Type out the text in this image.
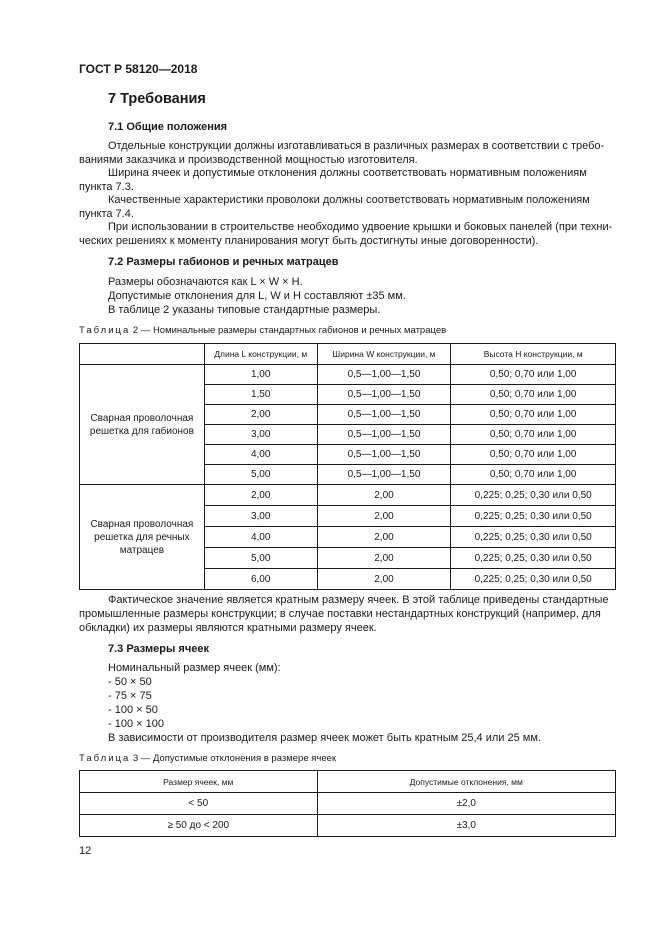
ГОСТ Р 58120—2018
7 Требования
7.1 Общие положения
Отдельные конструкции должны изготавливаться в различных размерах в соответствии с требо-
ваниями заказчика и производственной мощностью изготовителя.
Ширина ячеек и допустимые отклонения должны соответствовать нормативным положениям
пункта 7.3.
Качественные характеристики проволоки должны соответствовать нормативным положениям
пункта 7.4.
При использовании в строительстве необходимо удвоение крышки и боковых панелей (при техни-
ческих решениях к моменту планирования могут быть достигнуты иные договоренности).
7.2 Размеры габионов и речных матрацев
Размеры обозначаются как L × W × H.
Допустимые отклонения для L, W и H составляют ±35 мм.
В таблице 2 указаны типовые стандартные размеры.
Таблица 2 — Номинальные размеры стандартных габионов и речных матрацев
	Длина L конструкции, м	Ширина W конструкции, м	Высота H конструкции, м
Сварная проволочная решетка для габионов	1,00	0,5—1,00—1,50	0,50; 0,70 или 1,00
	1,50	0,5—1,00—1,50	0,50; 0,70 или 1,00
	2,00	0,5—1,00—1,50	0,50; 0,70 или 1,00
	3,00	0,5—1,00—1,50	0,50; 0,70 или 1,00
	4,00	0,5—1,00—1,50	0,50; 0,70 или 1,00
	5,00	0,5—1,00—1,50	0,50; 0,70 или 1,00
Сварная проволочная решетка для речных матрацев	2,00	2,00	0,225; 0,25; 0,30 или 0,50
	3,00	2,00	0,225; 0,25; 0,30 или 0,50
	4,00	2,00	0,225; 0,25; 0,30 или 0,50
	5,00	2,00	0,225; 0,25; 0,30 или 0,50
	6,00	2,00	0,225; 0,25; 0,30 или 0,50
Фактическое значение является кратным размеру ячеек. В этой таблице приведены стандартные
промышленные размеры конструкции; в случае поставки нестандартных конструкций (например, для
обкладки) их размеры являются кратными размеру ячеек.
7.3 Размеры ячеек
Номинальный размер ячеек (мм):
- 50 × 50
- 75 × 75
- 100 × 50
- 100 × 100
В зависимости от производителя размер ячеек может быть кратным 25,4 или 25 мм.
Таблица 3 — Допустимые отклонения в размере ячеек
Размер ячеек, мм	Допустимые отклонения, мм
< 50	±2,0
≥ 50 до < 200	±3,0
12
